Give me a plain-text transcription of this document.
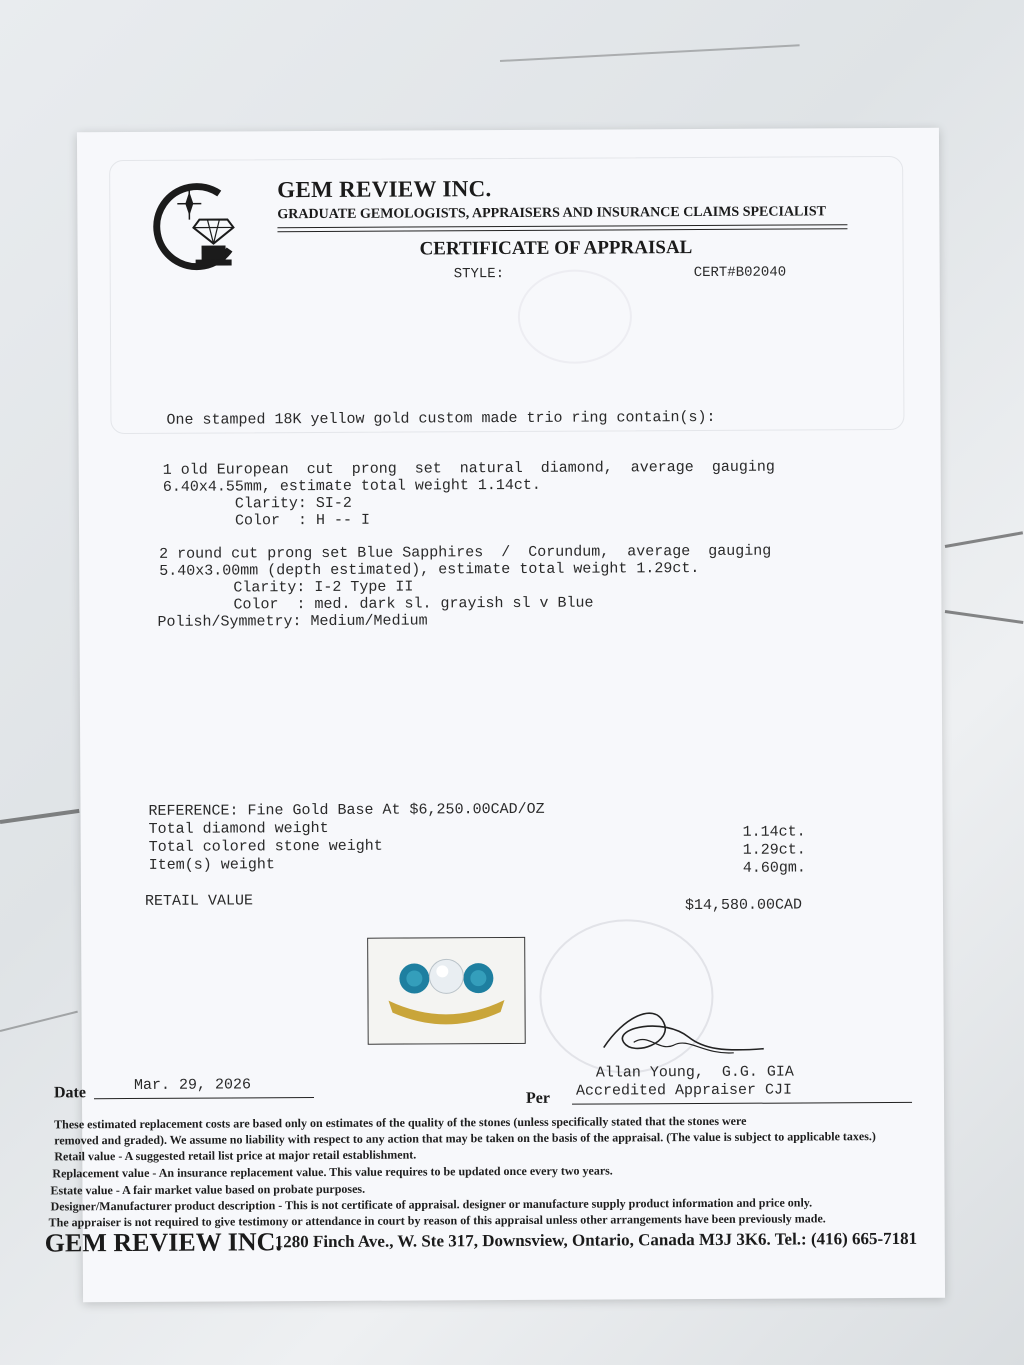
GEM REVIEW INC.
GRADUATE GEMOLOGISTS, APPRAISERS AND INSURANCE CLAIMS SPECIALIST
CERTIFICATE OF APPRAISAL
STYLE:	CERT#B02040
One stamped 18K yellow gold custom made trio ring contain(s):
1 old European  cut  prong  set  natural  diamond,  average  gauging
6.40x4.55mm, estimate total weight 1.14ct.
Clarity: SI-2
Color  : H -- I
2 round cut prong set Blue Sapphires  /  Corundum,  average  gauging
5.40x3.00mm (depth estimated), estimate total weight 1.29ct.
Clarity: I-2 Type II
Color  : med. dark sl. grayish sl v Blue
Polish/Symmetry: Medium/Medium
REFERENCE: Fine Gold Base At $6,250.00CAD/OZ
Total diamond weight	1.14ct.
Total colored stone weight	1.29ct.
Item(s) weight	4.60gm.
RETAIL VALUE	$14,580.00CAD
Allan Young,  G.G. GIA
Accredited Appraiser CJI
Per
Date	Mar. 29, 2026
These estimated replacement costs are based only on estimates of the quality of the stones (unless specifically stated that the stones were
removed and graded). We assume no liability with respect to any action that may be taken on the basis of the appraisal. (The value is subject to applicable taxes.)
Retail value - A suggested retail list price at major retail establishment.
Replacement value - An insurance replacement value. This value requires to be updated once every two years.
Estate value - A fair market value based on probate purposes.
Designer/Manufacturer product description - This is not certificate of appraisal. designer or manufacture supply product information and price only.
The appraiser is not required to give testimony or attendance in court by reason of this appraisal unless other arrangements have been previously made.
GEM REVIEW INC.
1280 Finch Ave., W. Ste 317, Downsview, Ontario, Canada M3J 3K6. Tel.: (416) 665-7181
